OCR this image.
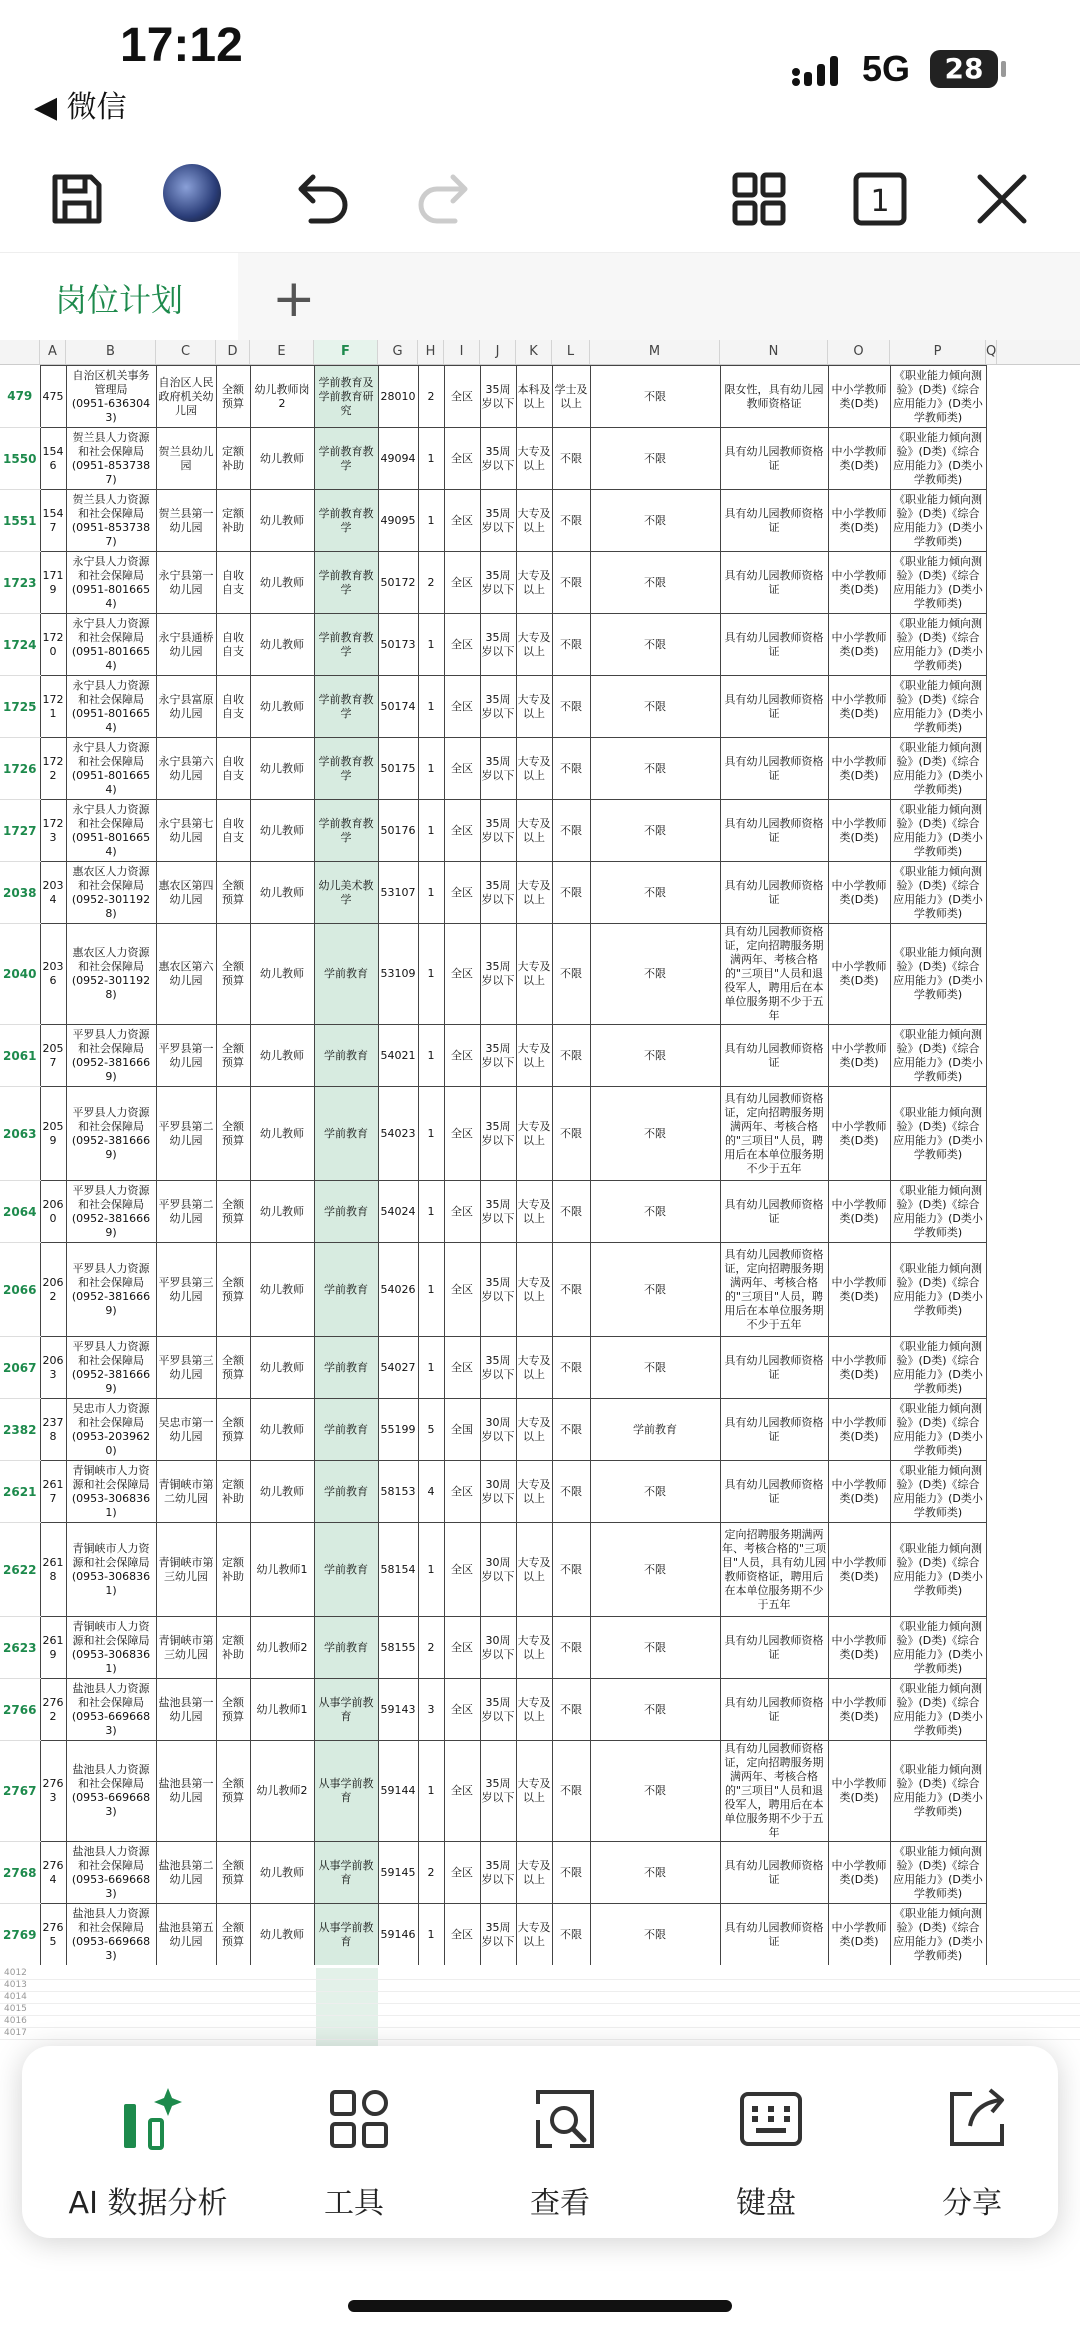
17:12
◀ 微信
5G	28
1
岗位计划	+
A	B	C	D	E	F	G	H	I	J	K	L	M	N	O	P	Q
479	475	自治区机关事务管理局
(0951-6363043)	自治区人民政府机关幼儿园	全额预算	幼儿教师岗2	学前教育及学前教育研究	28010	2	全区	35周岁以下	本科及以上	学士及以上	不限	限女性，具有幼儿园教师资格证	中小学教师类(D类)	《职业能力倾向测验》(D类)《综合应用能力》(D类小学教师类)	
1550	1546	贺兰县人力资源和社会保障局
(0951-8537387)	贺兰县幼儿园	定额补助	幼儿教师	学前教育教学	49094	1	全区	35周岁以下	大专及以上	不限	不限	具有幼儿园教师资格证	中小学教师类(D类)	《职业能力倾向测验》(D类)《综合应用能力》(D类小学教师类)	
1551	1547	贺兰县人力资源和社会保障局
(0951-8537387)	贺兰县第一幼儿园	定额补助	幼儿教师	学前教育教学	49095	1	全区	35周岁以下	大专及以上	不限	不限	具有幼儿园教师资格证	中小学教师类(D类)	《职业能力倾向测验》(D类)《综合应用能力》(D类小学教师类)	
1723	1719	永宁县人力资源和社会保障局
(0951-8016654)	永宁县第一幼儿园	自收自支	幼儿教师	学前教育教学	50172	2	全区	35周岁以下	大专及以上	不限	不限	具有幼儿园教师资格证	中小学教师类(D类)	《职业能力倾向测验》(D类)《综合应用能力》(D类小学教师类)	
1724	1720	永宁县人力资源和社会保障局
(0951-8016654)	永宁县通桥幼儿园	自收自支	幼儿教师	学前教育教学	50173	1	全区	35周岁以下	大专及以上	不限	不限	具有幼儿园教师资格证	中小学教师类(D类)	《职业能力倾向测验》(D类)《综合应用能力》(D类小学教师类)	
1725	1721	永宁县人力资源和社会保障局
(0951-8016654)	永宁县富原幼儿园	自收自支	幼儿教师	学前教育教学	50174	1	全区	35周岁以下	大专及以上	不限	不限	具有幼儿园教师资格证	中小学教师类(D类)	《职业能力倾向测验》(D类)《综合应用能力》(D类小学教师类)	
1726	1722	永宁县人力资源和社会保障局
(0951-8016654)	永宁县第六幼儿园	自收自支	幼儿教师	学前教育教学	50175	1	全区	35周岁以下	大专及以上	不限	不限	具有幼儿园教师资格证	中小学教师类(D类)	《职业能力倾向测验》(D类)《综合应用能力》(D类小学教师类)	
1727	1723	永宁县人力资源和社会保障局
(0951-8016654)	永宁县第七幼儿园	自收自支	幼儿教师	学前教育教学	50176	1	全区	35周岁以下	大专及以上	不限	不限	具有幼儿园教师资格证	中小学教师类(D类)	《职业能力倾向测验》(D类)《综合应用能力》(D类小学教师类)	
2038	2034	惠农区人力资源和社会保障局
(0952-3011928)	惠农区第四幼儿园	全额预算	幼儿教师	幼儿美术教学	53107	1	全区	35周岁以下	大专及以上	不限	不限	具有幼儿园教师资格证	中小学教师类(D类)	《职业能力倾向测验》(D类)《综合应用能力》(D类小学教师类)	
2040	2036	惠农区人力资源和社会保障局
(0952-3011928)	惠农区第六幼儿园	全额预算	幼儿教师	学前教育	53109	1	全区	35周岁以下	大专及以上	不限	不限	具有幼儿园教师资格证，定向招聘服务期满两年、考核合格的"三项目"人员和退役军人，聘用后在本单位服务期不少于五年	中小学教师类(D类)	《职业能力倾向测验》(D类)《综合应用能力》(D类小学教师类)	
2061	2057	平罗县人力资源和社会保障局
(0952-3816669)	平罗县第一幼儿园	全额预算	幼儿教师	学前教育	54021	1	全区	35周岁以下	大专及以上	不限	不限	具有幼儿园教师资格证	中小学教师类(D类)	《职业能力倾向测验》(D类)《综合应用能力》(D类小学教师类)	
2063	2059	平罗县人力资源和社会保障局
(0952-3816669)	平罗县第二幼儿园	全额预算	幼儿教师	学前教育	54023	1	全区	35周岁以下	大专及以上	不限	不限	具有幼儿园教师资格证，定向招聘服务期满两年、考核合格的"三项目"人员，聘用后在本单位服务期不少于五年	中小学教师类(D类)	《职业能力倾向测验》(D类)《综合应用能力》(D类小学教师类)	
2064	2060	平罗县人力资源和社会保障局
(0952-3816669)	平罗县第二幼儿园	全额预算	幼儿教师	学前教育	54024	1	全区	35周岁以下	大专及以上	不限	不限	具有幼儿园教师资格证	中小学教师类(D类)	《职业能力倾向测验》(D类)《综合应用能力》(D类小学教师类)	
2066	2062	平罗县人力资源和社会保障局
(0952-3816669)	平罗县第三幼儿园	全额预算	幼儿教师	学前教育	54026	1	全区	35周岁以下	大专及以上	不限	不限	具有幼儿园教师资格证，定向招聘服务期满两年、考核合格的"三项目"人员，聘用后在本单位服务期不少于五年	中小学教师类(D类)	《职业能力倾向测验》(D类)《综合应用能力》(D类小学教师类)	
2067	2063	平罗县人力资源和社会保障局
(0952-3816669)	平罗县第三幼儿园	全额预算	幼儿教师	学前教育	54027	1	全区	35周岁以下	大专及以上	不限	不限	具有幼儿园教师资格证	中小学教师类(D类)	《职业能力倾向测验》(D类)《综合应用能力》(D类小学教师类)	
2382	2378	吴忠市人力资源和社会保障局
(0953-2039620)	吴忠市第一幼儿园	全额预算	幼儿教师	学前教育	55199	5	全国	30周岁以下	大专及以上	不限	学前教育	具有幼儿园教师资格证	中小学教师类(D类)	《职业能力倾向测验》(D类)《综合应用能力》(D类小学教师类)	
2621	2617	青铜峡市人力资源和社会保障局
(0953-3068361)	青铜峡市第二幼儿园	定额补助	幼儿教师	学前教育	58153	4	全区	30周岁以下	大专及以上	不限	不限	具有幼儿园教师资格证	中小学教师类(D类)	《职业能力倾向测验》(D类)《综合应用能力》(D类小学教师类)	
2622	2618	青铜峡市人力资源和社会保障局
(0953-3068361)	青铜峡市第三幼儿园	定额补助	幼儿教师1	学前教育	58154	1	全区	30周岁以下	大专及以上	不限	不限	定向招聘服务期满两年、考核合格的"三项目"人员，具有幼儿园教师资格证，聘用后在本单位服务期不少于五年	中小学教师类(D类)	《职业能力倾向测验》(D类)《综合应用能力》(D类小学教师类)	
2623	2619	青铜峡市人力资源和社会保障局
(0953-3068361)	青铜峡市第三幼儿园	定额补助	幼儿教师2	学前教育	58155	2	全区	30周岁以下	大专及以上	不限	不限	具有幼儿园教师资格证	中小学教师类(D类)	《职业能力倾向测验》(D类)《综合应用能力》(D类小学教师类)	
2766	2762	盐池县人力资源和社会保障局
(0953-6696683)	盐池县第一幼儿园	全额预算	幼儿教师1	从事学前教育	59143	3	全区	35周岁以下	大专及以上	不限	不限	具有幼儿园教师资格证	中小学教师类(D类)	《职业能力倾向测验》(D类)《综合应用能力》(D类小学教师类)	
2767	2763	盐池县人力资源和社会保障局
(0953-6696683)	盐池县第一幼儿园	全额预算	幼儿教师2	从事学前教育	59144	1	全区	35周岁以下	大专及以上	不限	不限	具有幼儿园教师资格证，定向招聘服务期满两年、考核合格的"三项目"人员和退役军人，聘用后在本单位服务期不少于五年	中小学教师类(D类)	《职业能力倾向测验》(D类)《综合应用能力》(D类小学教师类)	
2768	2764	盐池县人力资源和社会保障局
(0953-6696683)	盐池县第二幼儿园	全额预算	幼儿教师	从事学前教育	59145	2	全区	35周岁以下	大专及以上	不限	不限	具有幼儿园教师资格证	中小学教师类(D类)	《职业能力倾向测验》(D类)《综合应用能力》(D类小学教师类)	
2769	2765	盐池县人力资源和社会保障局
(0953-6696683)	盐池县第五幼儿园	全额预算	幼儿教师	从事学前教育	59146	1	全区	35周岁以下	大专及以上	不限	不限	具有幼儿园教师资格证	中小学教师类(D类)	《职业能力倾向测验》(D类)《综合应用能力》(D类小学教师类)	
4012
4013
4014
4015
4016
4017
AI 数据分析	工具	查看	键盘	分享
